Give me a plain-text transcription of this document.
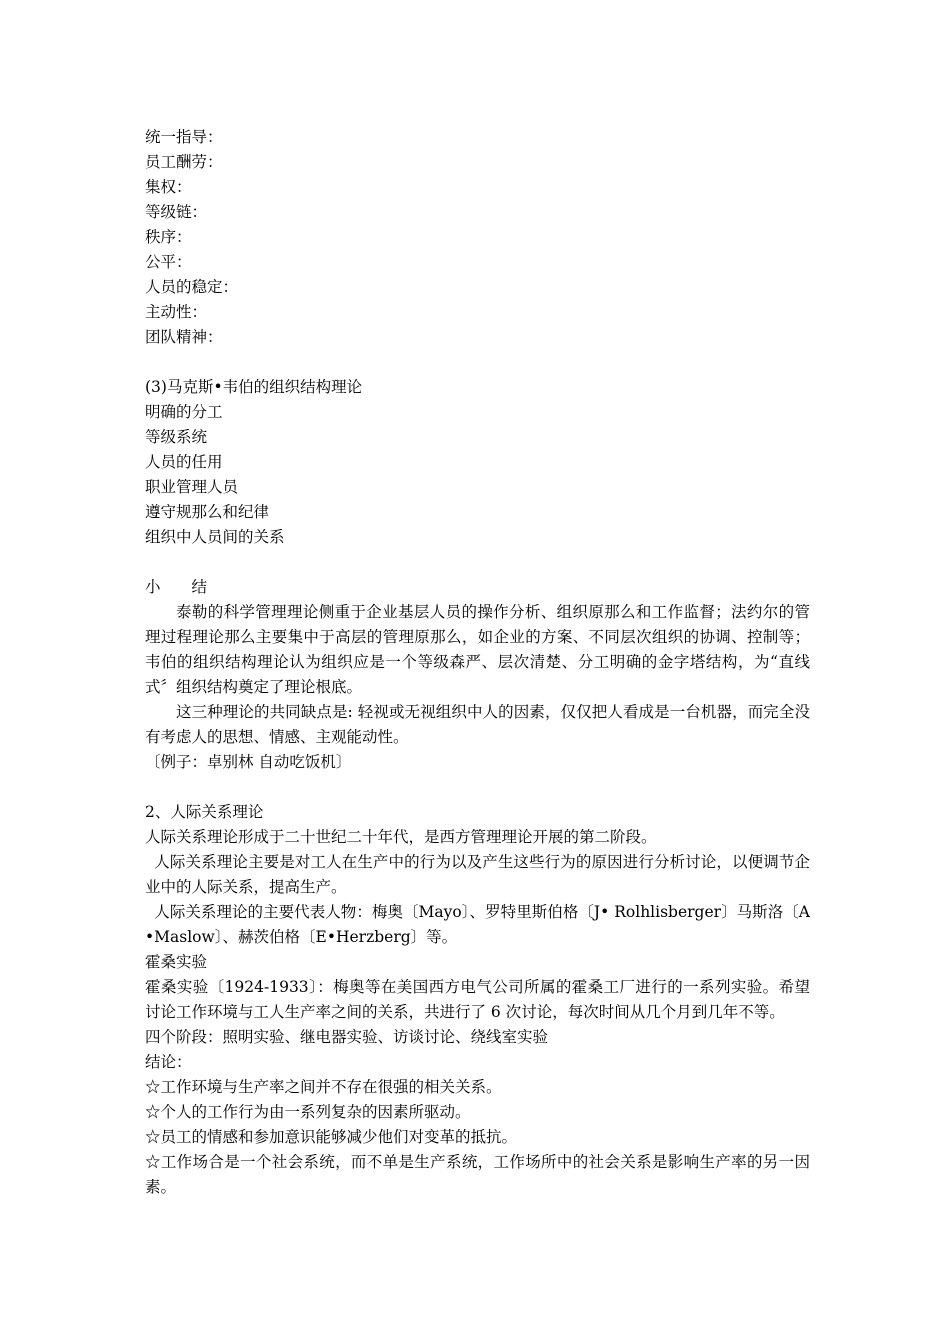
统一指导：
员工酬劳：
集权：
等级链：
秩序：
公平：
人员的稳定：
主动性：
团队精神：
(3)马克斯•韦伯的组织结构理论
明确的分工
等级系统
人员的任用
职业管理人员
遵守规那么和纪律
组织中人员间的关系
小　　结
泰勒的科学管理理论侧重于企业基层人员的操作分析、组织原那么和工作监督；法约尔的管理过程理论那么主要集中于高层的管理原那么，如企业的方案、不同层次组织的协调、控制等；韦伯的组织结构理论认为组织应是一个等级森严、层次清楚、分工明确的金字塔结构，为“直线式〞组织结构奠定了理论根底。
这三种理论的共同缺点是: 轻视或无视组织中人的因素，仅仅把人看成是一台机器，而完全没有考虑人的思想、情感、主观能动性。
〔例子：卓别林 自动吃饭机〕
2、人际关系理论
人际关系理论形成于二十世纪二十年代，是西方管理理论开展的第二阶段。
人际关系理论主要是对工人在生产中的行为以及产生这些行为的原因进行分析讨论，以便调节企业中的人际关系，提高生产。
人际关系理论的主要代表人物：梅奥〔Mayo〕、罗特里斯伯格〔J• Rolhlisberger〕马斯洛〔A •Maslow〕、赫茨伯格〔E•Herzberg〕等。
霍桑实验
霍桑实验〔1924-1933〕：梅奥等在美国西方电气公司所属的霍桑工厂进行的一系列实验。希望讨论工作环境与工人生产率之间的关系，共进行了 6 次讨论，每次时间从几个月到几年不等。
四个阶段：照明实验、继电器实验、访谈讨论、绕线室实验
结论：
☆工作环境与生产率之间并不存在很强的相关关系。
☆个人的工作行为由一系列复杂的因素所驱动。
☆员工的情感和参加意识能够减少他们对变革的抵抗。
☆工作场合是一个社会系统，而不单是生产系统，工作场所中的社会关系是影响生产率的另一因素。
